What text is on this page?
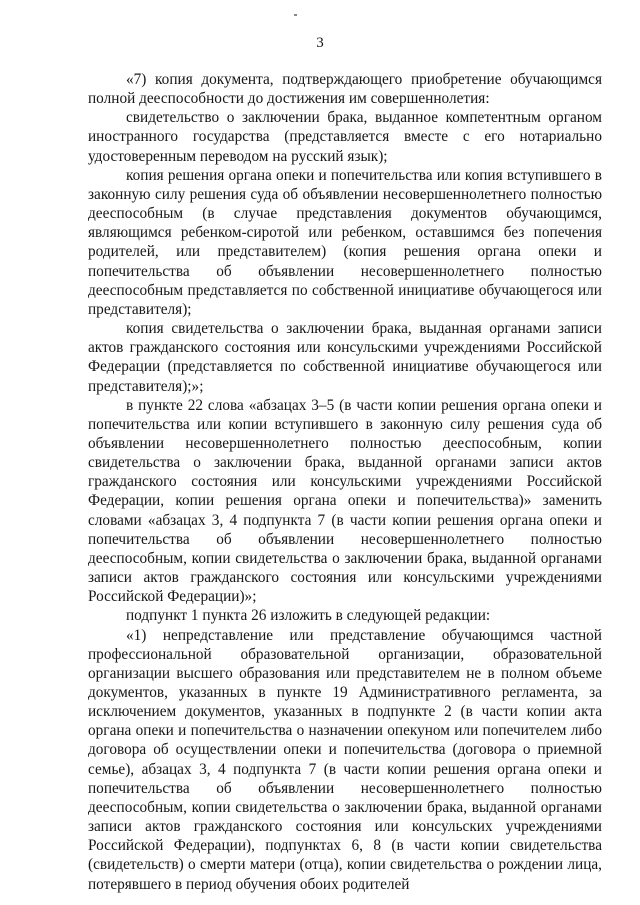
3

«7) копия документа, подтверждающего приобретение обучающимся полной дееспособности до достижения им совершеннолетия:

свидетельство о заключении брака, выданное компетентным органом иностранного государства (представляется вместе с его нотариально удостоверенным переводом на русский язык);

копия решения органа опеки и попечительства или копия вступившего в законную силу решения суда об объявлении несовершеннолетнего полностью дееспособным (в случае представления документов обучающимся, являющимся ребенком-сиротой или ребенком, оставшимся без попечения родителей, или представителем) (копия решения органа опеки и попечительства об объявлении несовершеннолетнего полностью дееспособным представляется по собственной инициативе обучающегося или представителя);

копия свидетельства о заключении брака, выданная органами записи актов гражданского состояния или консульскими учреждениями Российской Федерации (представляется по собственной инициативе обучающегося или представителя);»;

в пункте 22 слова «абзацах 3–5 (в части копии решения органа опеки и попечительства или копии вступившего в законную силу решения суда об объявлении несовершеннолетнего полностью дееспособным, копии свидетельства о заключении брака, выданной органами записи актов гражданского состояния или консульскими учреждениями Российской Федерации, копии решения органа опеки и попечительства)» заменить словами «абзацах 3, 4 подпункта 7 (в части копии решения органа опеки и попечительства об объявлении несовершеннолетнего полностью дееспособным, копии свидетельства о заключении брака, выданной органами записи актов гражданского состояния или консульскими учреждениями Российской Федерации)»;

подпункт 1 пункта 26 изложить в следующей редакции:

«1) непредставление или представление обучающимся частной профессиональной образовательной организации, образовательной организации высшего образования или представителем не в полном объеме документов, указанных в пункте 19 Административного регламента, за исключением документов, указанных в подпункте 2 (в части копии акта органа опеки и попечительства о назначении опекуном или попечителем либо договора об осуществлении опеки и попечительства (договора о приемной семье), абзацах 3, 4 подпункта 7 (в части копии решения органа опеки и попечительства об объявлении несовершеннолетнего полностью дееспособным, копии свидетельства о заключении брака, выданной органами записи актов гражданского состояния или консульских учреждениями Российской Федерации), подпунктах 6, 8 (в части копии свидетельства (свидетельств) о смерти матери (отца), копии свидетельства о рождении лица, потерявшего в период обучения обоих родителей
